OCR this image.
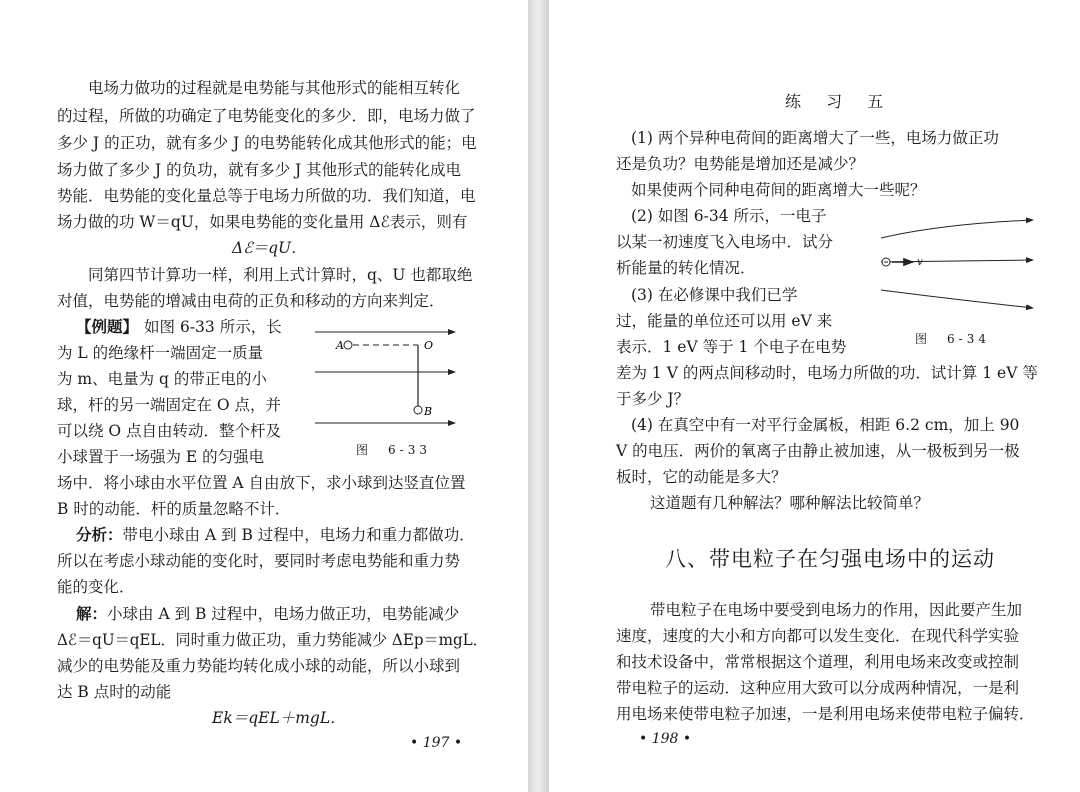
电场力做功的过程就是电势能与其他形式的能相互转化
的过程，所做的功确定了电势能变化的多少．即，电场力做了
多少 J 的正功，就有多少 J 的电势能转化成其他形式的能；电
场力做了多少 J 的负功，就有多少 J 其他形式的能转化成电
势能．电势能的变化量总等于电场力所做的功．我们知道，电
场力做的功 W＝qU，如果电势能的变化量用 Δℰ表示，则有
Δℰ＝qU．
同第四节计算功一样，利用上式计算时，q、U 也都取绝
对值，电势能的增减由电荷的正负和移动的方向来判定．
【例题】 如图 6-33 所示，长
为 L 的绝缘杆一端固定一质量
为 m、电量为 q 的带正电的小
球，杆的另一端固定在 O 点，并
可以绕 O 点自由转动．整个杆及
小球置于一场强为 E 的匀强电
场中．将小球由水平位置 A 自由放下，求小球到达竖直位置
B 时的动能．杆的质量忽略不计．
A	O
B
图　6-33
分析：带电小球由 A 到 B 过程中，电场力和重力都做功．
所以在考虑小球动能的变化时，要同时考虑电势能和重力势
能的变化．
解：小球由 A 到 B 过程中，电场力做正功，电势能减少
Δℰ＝qU＝qEL．同时重力做正功，重力势能减少 ΔEp＝mgL．
减少的电势能及重力势能均转化成小球的动能，所以小球到
达 B 点时的动能
Ek＝qEL＋mgL．
• 197 •
练 习 五
(1) 两个异种电荷间的距离增大了一些，电场力做正功
还是负功？电势能是增加还是减少？
如果使两个同种电荷间的距离增大一些呢？
(2) 如图 6-34 所示，一电子
以某一初速度飞入电场中．试分
析能量的转化情况．
(3) 在必修课中我们已学
过，能量的单位还可以用 eV 来
表示．1 eV 等于 1 个电子在电势
差为 1 V 的两点间移动时，电场力所做的功．试计算 1 eV 等
于多少 J？
(4) 在真空中有一对平行金属板，相距 6.2 cm，加上 90
V 的电压．两价的氧离子由静止被加速，从一极板到另一极
板时，它的动能是多大？
这道题有几种解法？哪种解法比较简单？
v
图　6-34
八、带电粒子在匀强电场中的运动
带电粒子在电场中要受到电场力的作用，因此要产生加
速度，速度的大小和方向都可以发生变化．在现代科学实验
和技术设备中，常常根据这个道理，利用电场来改变或控制
带电粒子的运动．这种应用大致可以分成两种情况，一是利
用电场来使带电粒子加速，一是利用电场来使带电粒子偏转．
• 198 •
